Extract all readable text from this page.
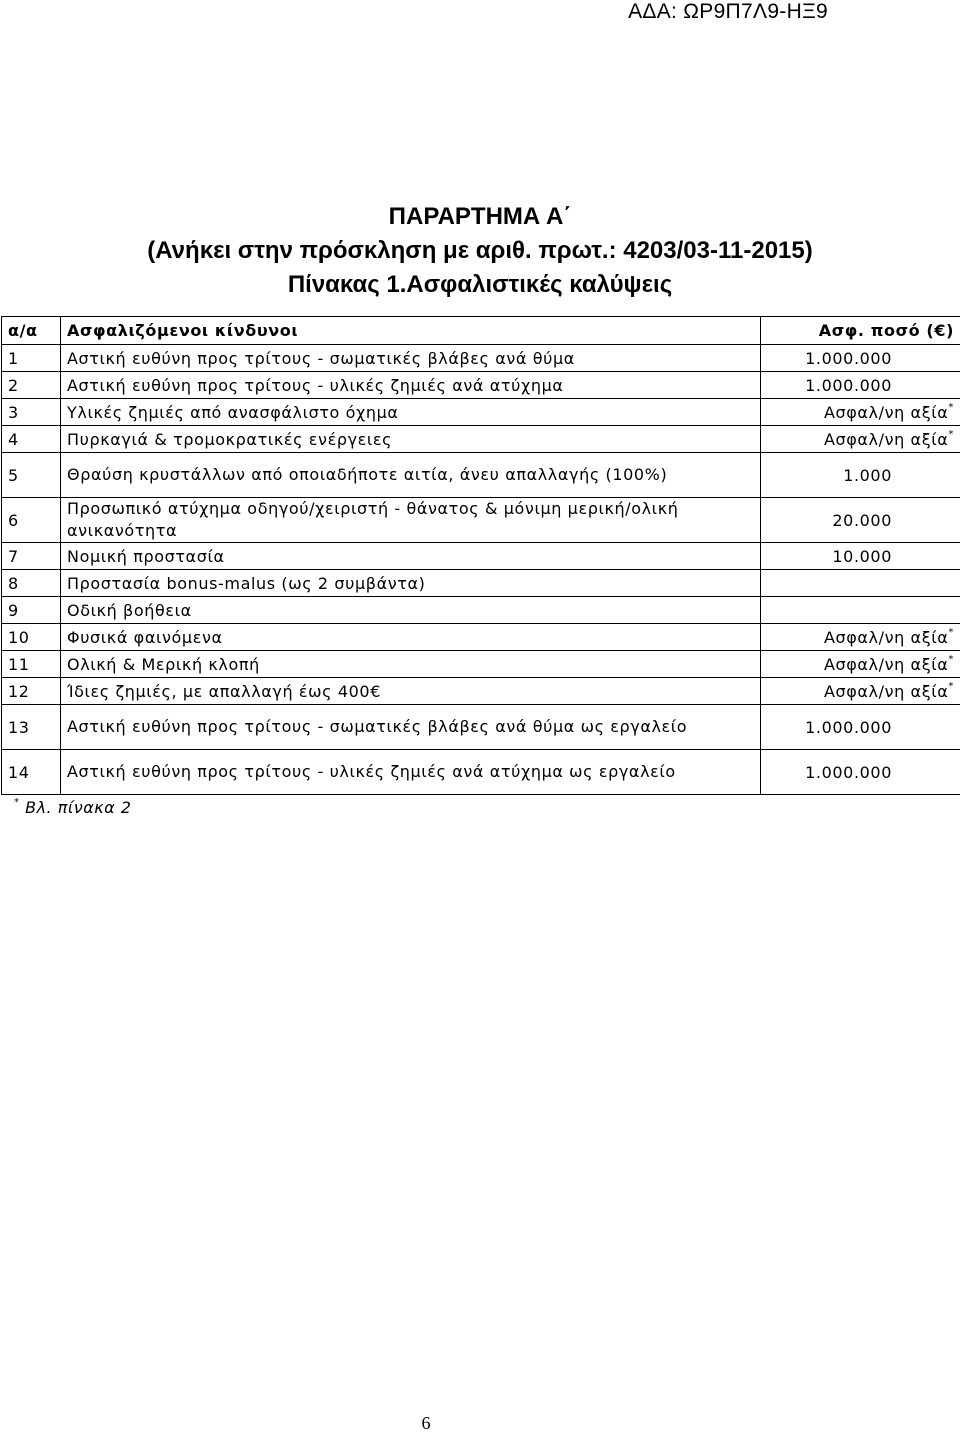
ΑΔΑ: ΩΡ9Π7Λ9-ΗΞ9
ΠΑΡΑΡΤΗΜΑ Α΄
(Ανήκει στην πρόσκληση με αριθ. πρωτ.: 4203/03-11-2015)
Πίνακας 1.Ασφαλιστικές καλύψεις
α/α	Ασφαλιζόμενοι κίνδυνοι	Ασφ. ποσό (€)
1	Αστική ευθύνη προς τρίτους - σωματικές βλάβες ανά θύμα	1.000.000
2	Αστική ευθύνη προς τρίτους - υλικές ζημιές ανά ατύχημα	1.000.000
3	Υλικές ζημιές από ανασφάλιστο όχημα	Ασφαλ/νη αξία*
4	Πυρκαγιά & τρομοκρατικές ενέργειες	Ασφαλ/νη αξία*
5	Θραύση κρυστάλλων από οποιαδήποτε αιτία, άνευ απαλλαγής (100%)	1.000
6	Προσωπικό ατύχημα οδηγού/χειριστή - θάνατος & μόνιμη μερική/ολική ανικανότητα	20.000
7	Νομική προστασία	10.000
8	Προστασία bonus-malus (ως 2 συμβάντα)	
9	Οδική βοήθεια	
10	Φυσικά φαινόμενα	Ασφαλ/νη αξία*
11	Ολική & Μερική κλοπή	Ασφαλ/νη αξία*
12	Ίδιες ζημιές, με απαλλαγή έως 400€	Ασφαλ/νη αξία*
13	Αστική ευθύνη προς τρίτους - σωματικές βλάβες ανά θύμα ως εργαλείο	1.000.000
14	Αστική ευθύνη προς τρίτους - υλικές ζημιές ανά ατύχημα ως εργαλείο	1.000.000
* Βλ. πίνακα 2
6
